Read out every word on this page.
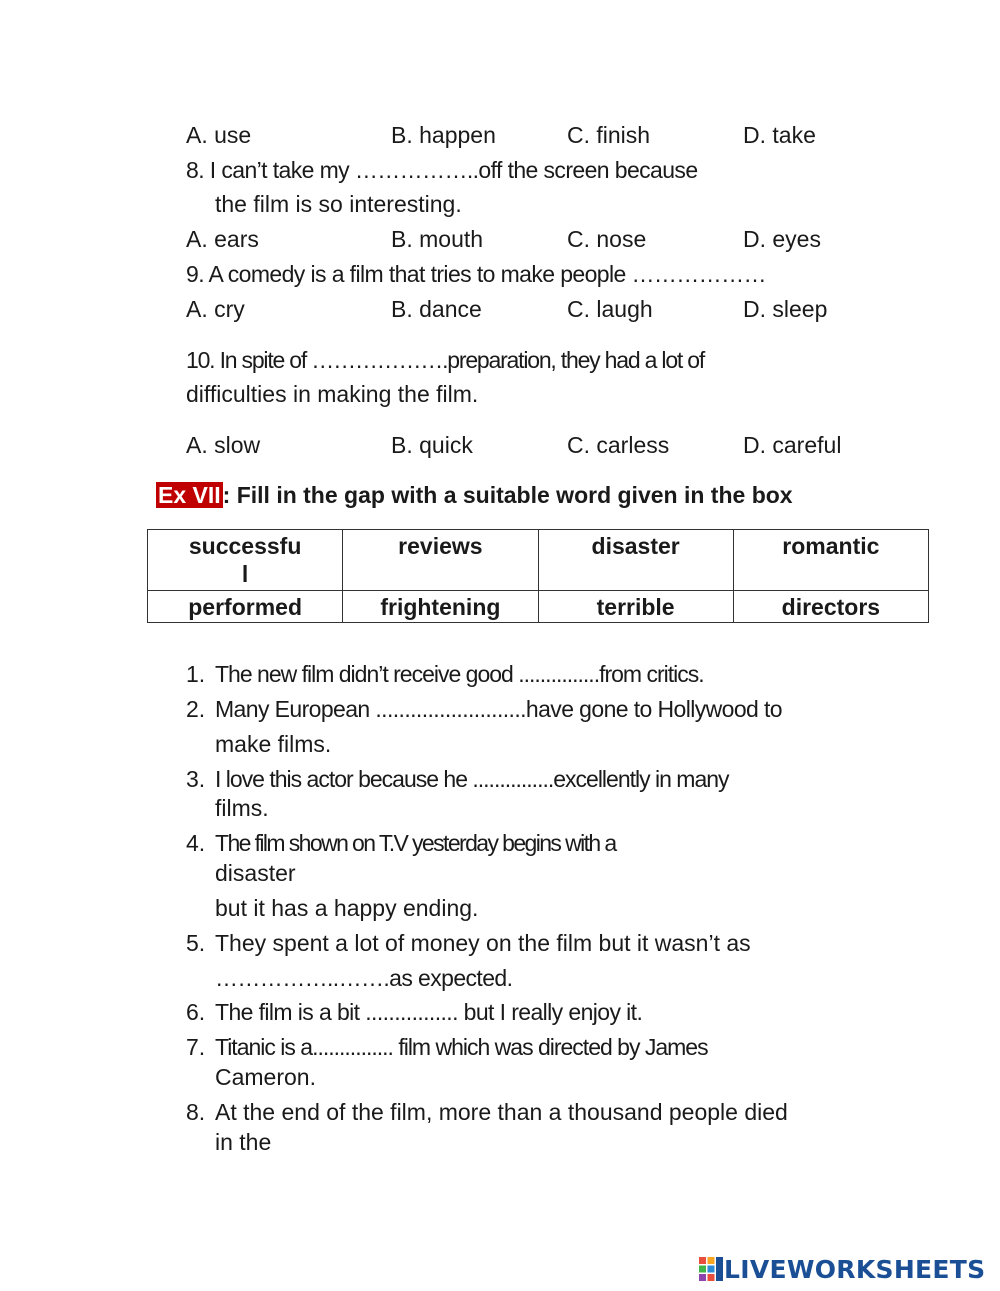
A. use	B. happen	C. finish	D. take
8. I can’t take my ……………..off the screen because
the film is so interesting.
A. ears	B. mouth	C. nose	D. eyes
9. A comedy is a film that tries to make people ………………
A. cry	B. dance	C. laugh	D. sleep
10. In spite of ……………….preparation, they had a lot of
difficulties in making the film.
A. slow	B. quick	C. carless	D. careful
Ex VII: Fill in the gap with a suitable word given in the box
successfu
l	reviews	disaster	romantic
performed	frightening	terrible	directors
1. The new film didn’t receive good ...............from critics.
2. Many European ..........................have gone to Hollywood to
make films.
3. I love this actor because he ...............excellently in many
films.
4. The film shown on T.V yesterday begins with a
disaster
but it has a happy ending.
5. They spent a lot of money on the film but it wasn’t as
……………..…….as expected.
6. The film is a bit ................ but I really enjoy it.
7. Titanic is a............... film which was directed by James
Cameron.
8. At the end of the film, more than a thousand people died
in the
LIVEWORKSHEETS
